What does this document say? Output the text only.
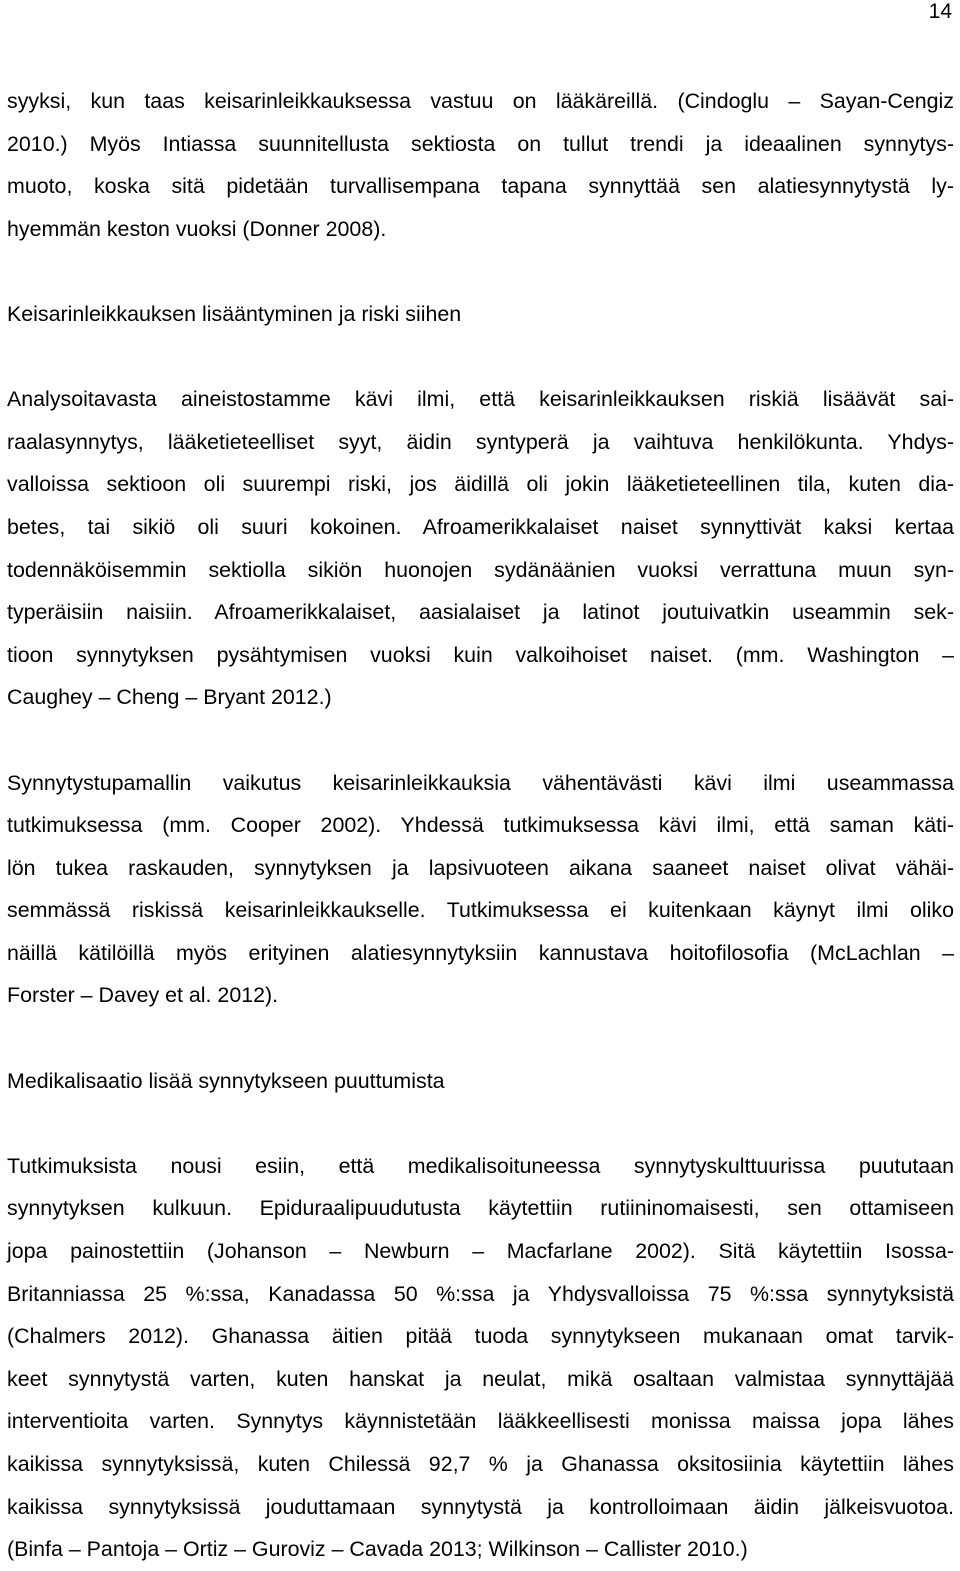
14
syyksi, kun taas keisarinleikkauksessa vastuu on lääkäreillä. (Cindoglu – Sayan-Cengiz
2010.) Myös Intiassa suunnitellusta sektiosta on tullut trendi ja ideaalinen synnytys-
muoto, koska sitä pidetään turvallisempana tapana synnyttää sen alatiesynnytystä ly-
hyemmän keston vuoksi (Donner 2008).
Keisarinleikkauksen lisääntyminen ja riski siihen
Analysoitavasta aineistostamme kävi ilmi, että keisarinleikkauksen riskiä lisäävät sai-
raalasynnytys, lääketieteelliset syyt, äidin syntyperä ja vaihtuva henkilökunta. Yhdys-
valloissa sektioon oli suurempi riski, jos äidillä oli jokin lääketieteellinen tila, kuten dia-
betes, tai sikiö oli suuri kokoinen. Afroamerikkalaiset naiset synnyttivät kaksi kertaa
todennäköisemmin sektiolla sikiön huonojen sydänäänien vuoksi verrattuna muun syn-
typeräisiin naisiin. Afroamerikkalaiset, aasialaiset ja latinot joutuivatkin useammin sek-
tioon synnytyksen pysähtymisen vuoksi kuin valkoihoiset naiset. (mm. Washington –
Caughey – Cheng – Bryant 2012.)
Synnytystupamallin vaikutus keisarinleikkauksia vähentävästi kävi ilmi useammassa
tutkimuksessa (mm. Cooper 2002). Yhdessä tutkimuksessa kävi ilmi, että saman käti-
lön tukea raskauden, synnytyksen ja lapsivuoteen aikana saaneet naiset olivat vähäi-
semmässä riskissä keisarinleikkaukselle. Tutkimuksessa ei kuitenkaan käynyt ilmi oliko
näillä kätilöillä myös erityinen alatiesynnytyksiin kannustava hoitofilosofia (McLachlan –
Forster – Davey et al. 2012).
Medikalisaatio lisää synnytykseen puuttumista
Tutkimuksista nousi esiin, että medikalisoituneessa synnytyskulttuurissa puututaan
synnytyksen kulkuun. Epiduraalipuudutusta käytettiin rutiininomaisesti, sen ottamiseen
jopa painostettiin (Johanson – Newburn – Macfarlane 2002). Sitä käytettiin Isossa-
Britanniassa 25 %:ssa, Kanadassa 50 %:ssa ja Yhdysvalloissa 75 %:ssa synnytyksistä
(Chalmers 2012). Ghanassa äitien pitää tuoda synnytykseen mukanaan omat tarvik-
keet synnytystä varten, kuten hanskat ja neulat, mikä osaltaan valmistaa synnyttäjää
interventioita varten. Synnytys käynnistetään lääkkeellisesti monissa maissa jopa lähes
kaikissa synnytyksissä, kuten Chilessä 92,7 % ja Ghanassa oksitosiinia käytettiin lähes
kaikissa synnytyksissä jouduttamaan synnytystä ja kontrolloimaan äidin jälkeisvuotoa.
(Binfa – Pantoja – Ortiz – Guroviz – Cavada 2013; Wilkinson – Callister 2010.)
